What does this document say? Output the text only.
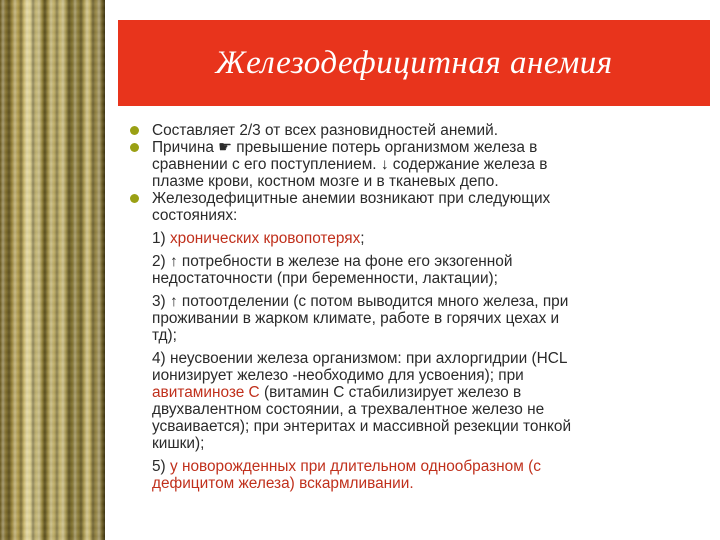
Железодефицитная анемия
Составляет 2/3 от всех разновидностей анемий.
Причина ☛ превышение потерь организмом железа в
сравнении с его поступлением. ↓ содержание железа в
плазме крови, костном мозге и в тканевых депо.
Железодефицитные анемии возникают при следующих
состояниях:
1) хронических кровопотерях;
2) ↑ потребности в железе на фоне его экзогенной
недостаточности (при беременности, лактации);
3) ↑ потоотделении (с потом выводится много железа, при
проживании в жарком климате, работе в горячих цехах и
тд);
4) неусвоении железа организмом: при ахлоргидрии (НСL
ионизирует железо -необходимо для усвоения); при
авитаминозе С (витамин С стабилизирует железо в
двухвалентном состоянии, а трехвалентное железо не
усваивается); при энтеритах и массивной резекции тонкой
кишки);
5) у новорожденных при длительном однообразном (с
дефицитом железа) вскармливании.
